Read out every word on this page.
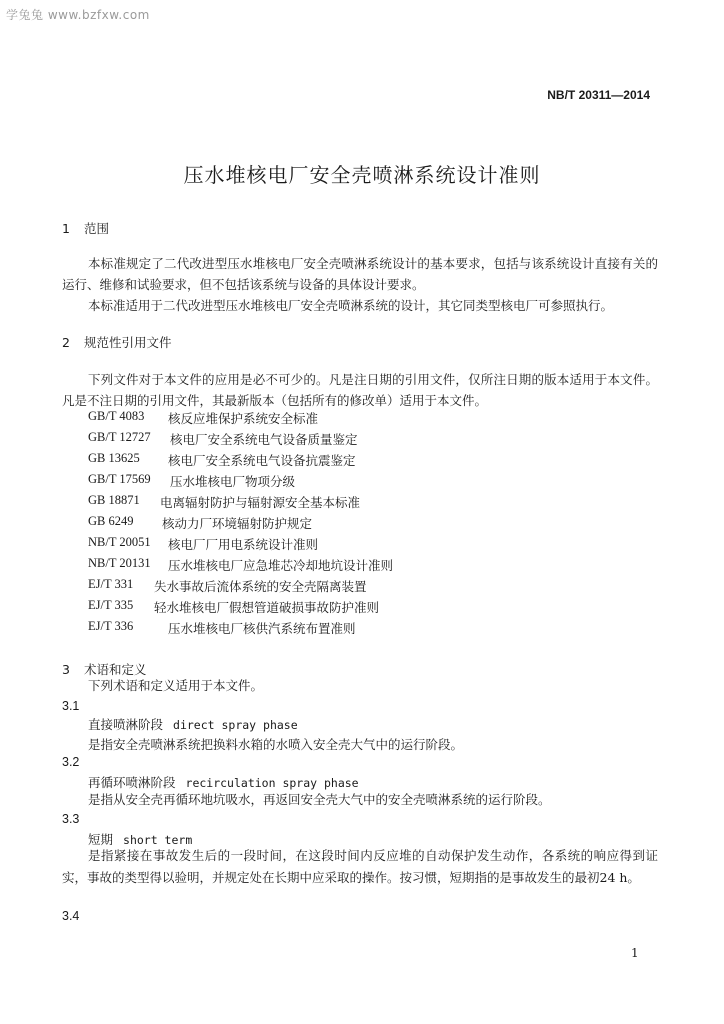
学兔兔 www.bzfxw.com
NB/T 20311—2014
压水堆核电厂安全壳喷淋系统设计准则
1 范围
本标准规定了二代改进型压水堆核电厂安全壳喷淋系统设计的基本要求，包括与该系统设计直接有关的运行、维修和试验要求，但不包括该系统与设备的具体设计要求。
本标准适用于二代改进型压水堆核电厂安全壳喷淋系统的设计，其它同类型核电厂可参照执行。
2 规范性引用文件
下列文件对于本文件的应用是必不可少的。凡是注日期的引用文件，仅所注日期的版本适用于本文件。凡是不注日期的引用文件，其最新版本（包括所有的修改单）适用于本文件。
GB/T 4083 核反应堆保护系统安全标准
GB/T 12727 核电厂安全系统电气设备质量鉴定
GB 13625 核电厂安全系统电气设备抗震鉴定
GB/T 17569 压水堆核电厂物项分级
GB 18871 电离辐射防护与辐射源安全基本标准
GB 6249 核动力厂环境辐射防护规定
NB/T 20051 核电厂厂用电系统设计准则
NB/T 20131 压水堆核电厂应急堆芯冷却地坑设计准则
EJ/T 331 失水事故后流体系统的安全壳隔离装置
EJ/T 335 轻水堆核电厂假想管道破损事故防护准则
EJ/T 336	压水堆核电厂核供汽系统布置准则
3 术语和定义
下列术语和定义适用于本文件。
3.1
直接喷淋阶段 direct spray phase
是指安全壳喷淋系统把换料水箱的水喷入安全壳大气中的运行阶段。
3.2
再循环喷淋阶段 recirculation spray phase
是指从安全壳再循环地坑吸水，再返回安全壳大气中的安全壳喷淋系统的运行阶段。
3.3
短期 short term
是指紧接在事故发生后的一段时间，在这段时间内反应堆的自动保护发生动作，各系统的响应得到证实，事故的类型得以验明，并规定处在长期中应采取的操作。按习惯，短期指的是事故发生的最初24 h。
3.4
1
